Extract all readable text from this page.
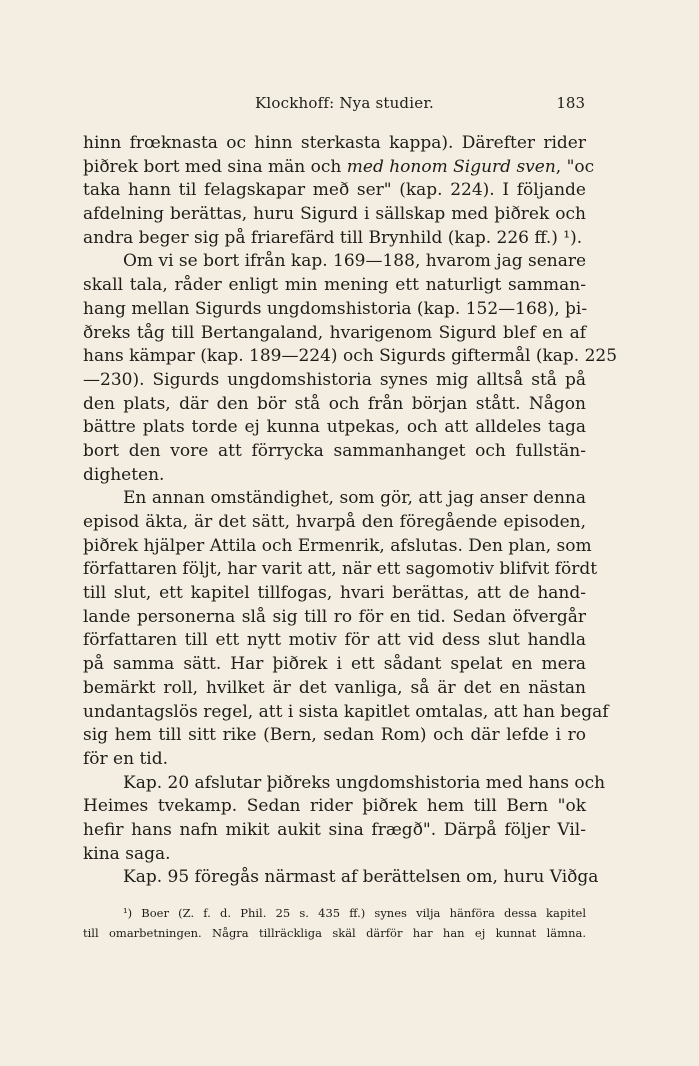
Klockhoff: Nya studier.	183
hinn frœknasta oc hinn sterkasta kappa). Därefter rider
þiðrek bort med sina män och med honom Sigurd sven, "oc
taka hann til felagskapar með ser" (kap. 224). I följande
afdelning berättas, huru Sigurd i sällskap med þiðrek och
andra beger sig på friarefärd till Brynhild (kap. 226 ff.) ¹).
Om vi se bort ifrån kap. 169—188, hvarom jag senare
skall tala, råder enligt min mening ett naturligt samman-
hang mellan Sigurds ungdomshistoria (kap. 152—168), þi-
ðreks tåg till Bertangaland, hvarigenom Sigurd blef en af
hans kämpar (kap. 189—224) och Sigurds giftermål (kap. 225
—230). Sigurds ungdomshistoria synes mig alltså stå på
den plats, där den bör stå och från början stått. Någon
bättre plats torde ej kunna utpekas, och att alldeles taga
bort den vore att förrycka sammanhanget och fullstän-
digheten.
En annan omständighet, som gör, att jag anser denna
episod äkta, är det sätt, hvarpå den föregående episoden,
þiðrek hjälper Attila och Ermenrik, afslutas. Den plan, som
författaren följt, har varit att, när ett sagomotiv blifvit fördt
till slut, ett kapitel tillfogas, hvari berättas, att de hand-
lande personerna slå sig till ro för en tid. Sedan öfvergår
författaren till ett nytt motiv för att vid dess slut handla
på samma sätt. Har þiðrek i ett sådant spelat en mera
bemärkt roll, hvilket är det vanliga, så är det en nästan
undantagslös regel, att i sista kapitlet omtalas, att han begaf
sig hem till sitt rike (Bern, sedan Rom) och där lefde i ro
för en tid.
Kap. 20 afslutar þiðreks ungdomshistoria med hans och
Heimes tvekamp. Sedan rider þiðrek hem till Bern "ok
hefir hans nafn mikit aukit sina frægð". Därpå följer Vil-
kina saga.
Kap. 95 föregås närmast af berättelsen om, huru Viðga
¹) Boer (Z. f. d. Phil. 25 s. 435 ff.) synes vilja hänföra dessa kapitel
till omarbetningen. Några tillräckliga skäl därför har han ej kunnat lämna.
